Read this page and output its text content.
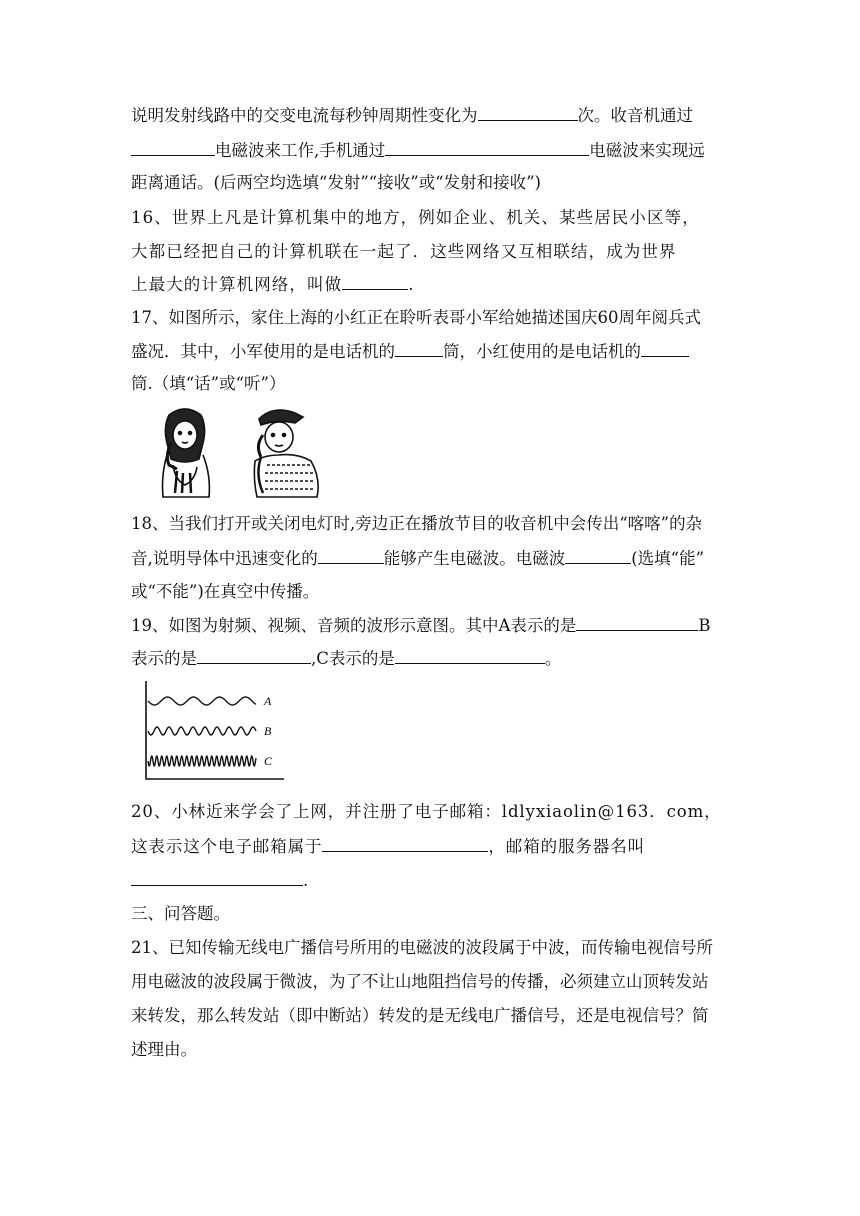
说明发射线路中的交变电流每秒钟周期性变化为	次。收音机通过
电磁波来工作,手机通过	电磁波来实现远
距离通话。(后两空均选填“发射”“接收”或“发射和接收”)
16、世界上凡是计算机集中的地方，例如企业、机关、某些居民小区等，
大都已经把自己的计算机联在一起了．这些网络又互相联结，成为世界
上最大的计算机网络，叫做	.
17、如图所示，家住上海的小红正在聆听表哥小军给她描述国庆60周年阅兵式
盛况．其中，小军使用的是电话机的	筒，小红使用的是电话机的
筒.（填“话”或“听”）
18、当我们打开或关闭电灯时,旁边正在播放节目的收音机中会传出“喀喀”的杂
音,说明导体中迅速变化的	能够产生电磁波。电磁波	(选填“能”
或“不能”)在真空中传播。
19、如图为射频、视频、音频的波形示意图。其中A表示的是	B
表示的是	,C表示的是	。
A
B
C
20、小林近来学会了上网，并注册了电子邮箱：ldlyxiaolin@163．com，
这表示这个电子邮箱属于	，邮箱的服务器名叫
.
三、问答题。
21、已知传输无线电广播信号所用的电磁波的波段属于中波，而传输电视信号所
用电磁波的波段属于微波，为了不让山地阻挡信号的传播，必须建立山顶转发站
来转发，那么转发站（即中断站）转发的是无线电广播信号，还是电视信号？简
述理由。
